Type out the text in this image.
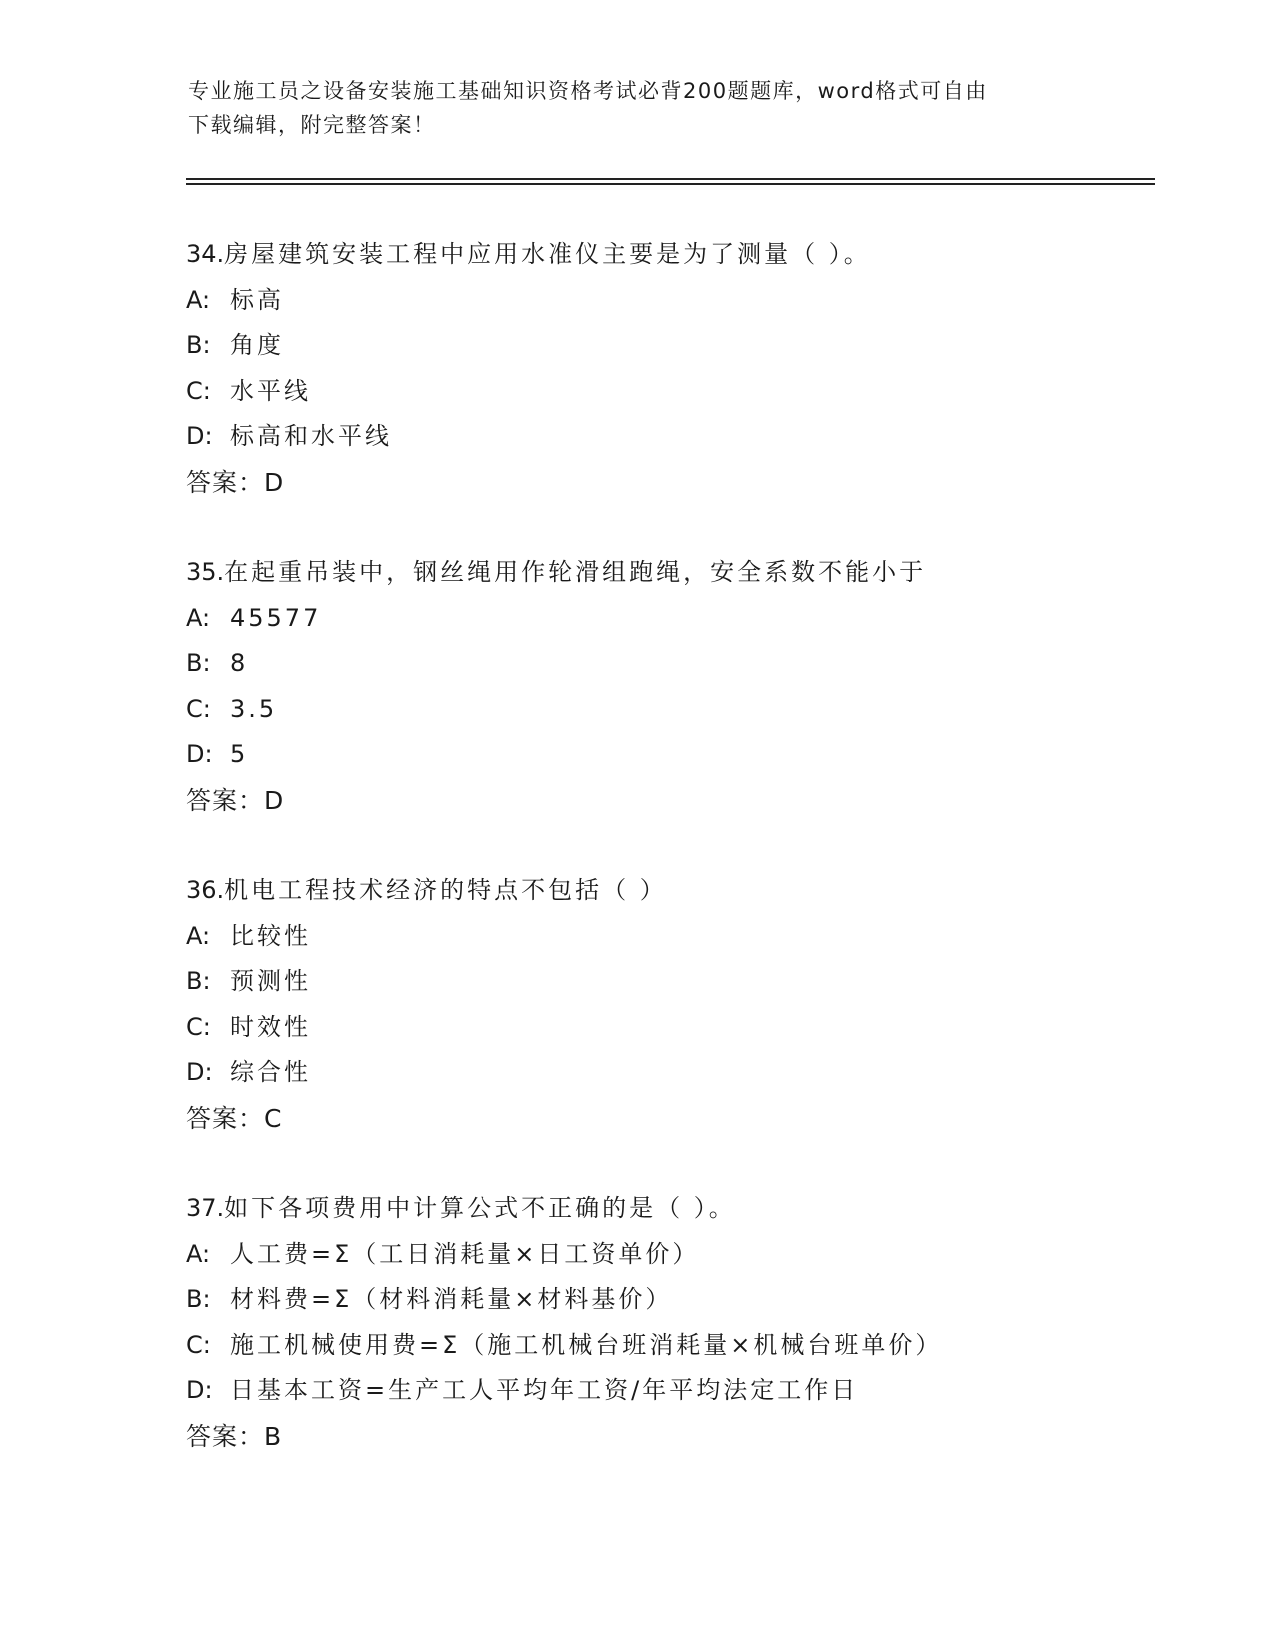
专业施工员之设备安装施工基础知识资格考试必背200题题库，word格式可自由
下载编辑，附完整答案！
34.房屋建筑安装工程中应用水准仪主要是为了测量（ ）。
A: 标高
B: 角度
C: 水平线
D: 标高和水平线
答案：D
35.在起重吊装中，钢丝绳用作轮滑组跑绳，安全系数不能小于
A: 45577
B: 8
C: 3.5
D: 5
答案：D
36.机电工程技术经济的特点不包括（ ）
A: 比较性
B: 预测性
C: 时效性
D: 综合性
答案：C
37.如下各项费用中计算公式不正确的是（ ）。
A: 人工费=Σ（工日消耗量×日工资单价）
B: 材料费=Σ（材料消耗量×材料基价）
C: 施工机械使用费=Σ（施工机械台班消耗量×机械台班单价）
D: 日基本工资=生产工人平均年工资/年平均法定工作日
答案：B
